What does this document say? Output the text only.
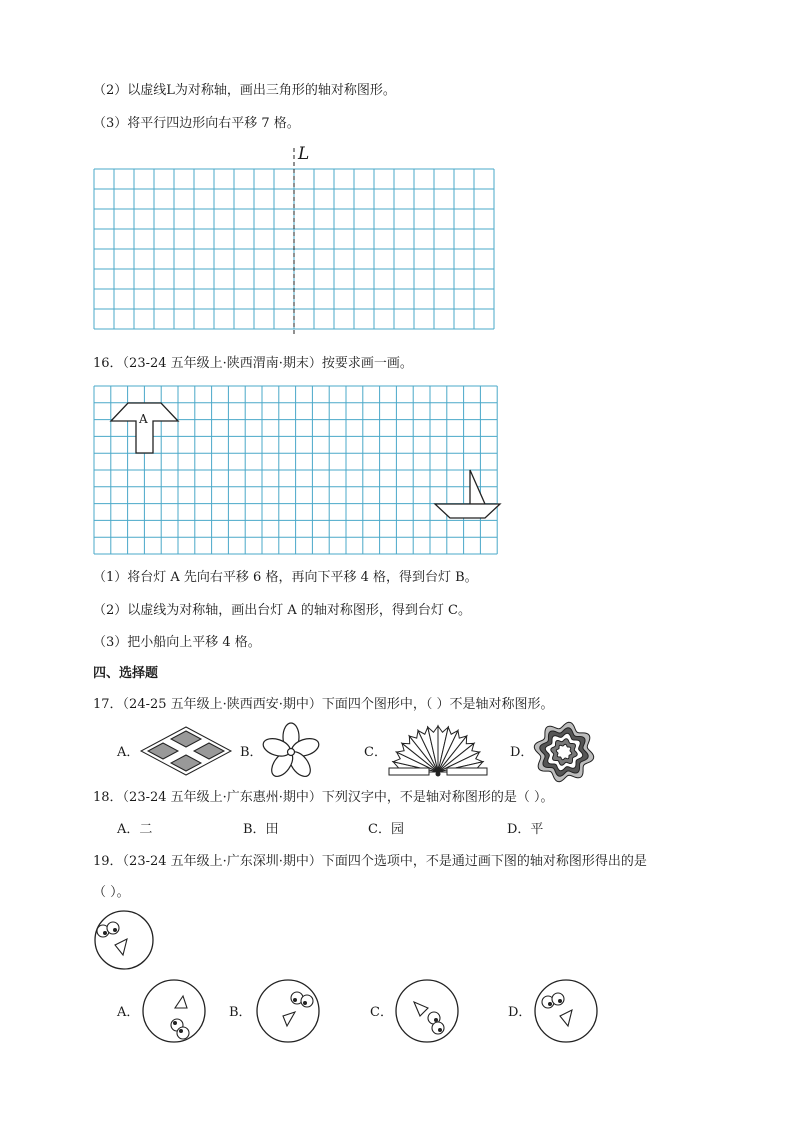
（2）以虚线L为对称轴，画出三角形的轴对称图形。
（3）将平行四边形向右平移 7 格。
L
16．（23-24 五年级上·陕西渭南·期末）按要求画一画。
A
（1）将台灯 A 先向右平移 6 格，再向下平移 4 格，得到台灯 B。
（2）以虚线为对称轴，画出台灯 A 的轴对称图形，得到台灯 C。
（3）把小船向上平移 4 格。
四、选择题
17．（24-25 五年级上·陕西西安·期中）下面四个图形中，（ ）不是轴对称图形。
A．	B．	C．	D．
18．（23-24 五年级上·广东惠州·期中）下列汉字中，不是轴对称图形的是（ ）。
A．二	B．田	C．园	D．平
19．（23-24 五年级上·广东深圳·期中）下面四个选项中，不是通过画下图的轴对称图形得出的是
（ ）。
A．	B．	C．	D．
